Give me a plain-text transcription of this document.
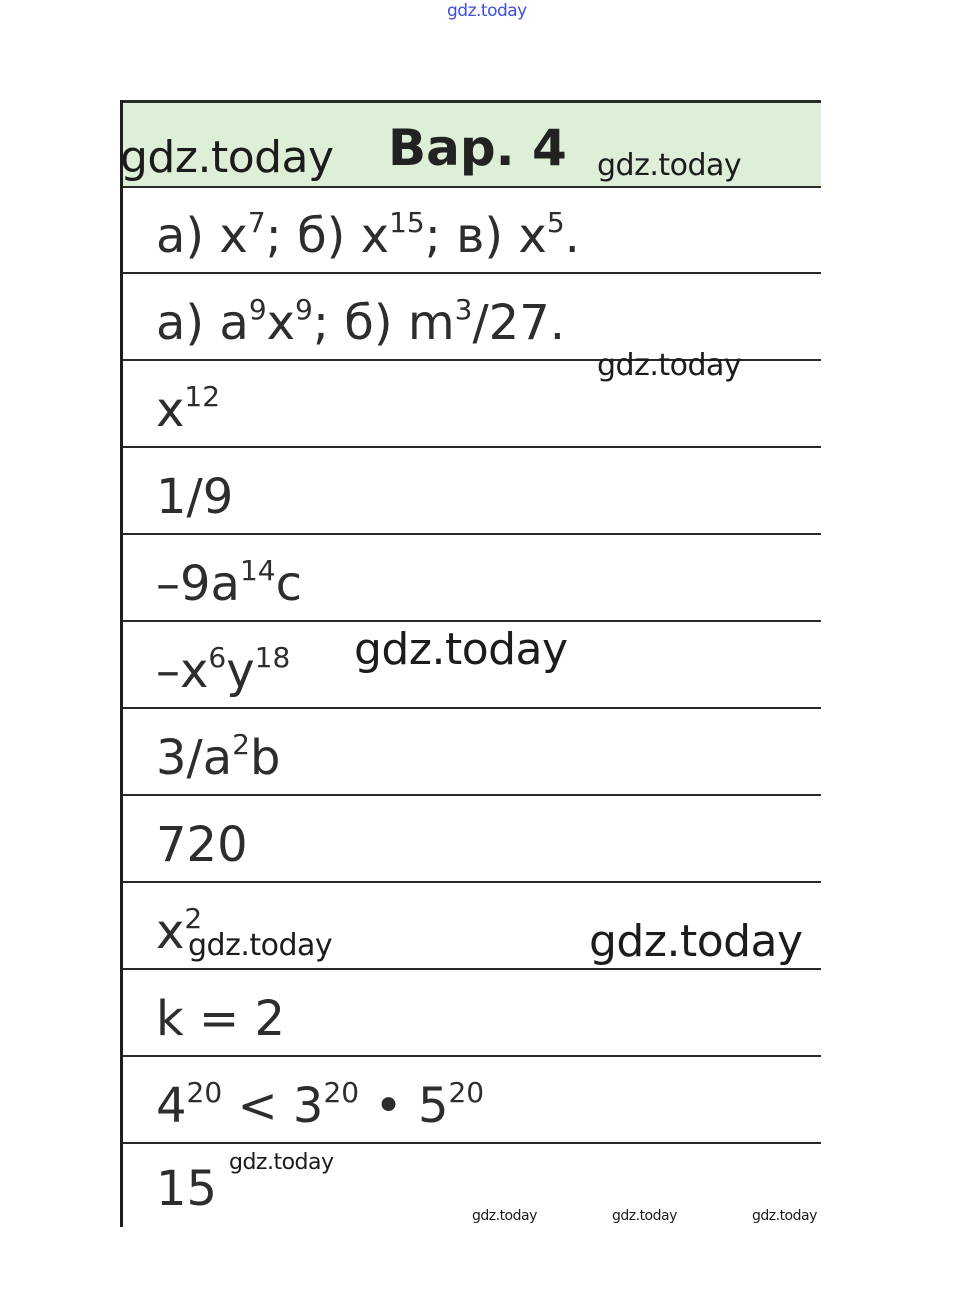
gdz.today
Вар. 4
а) $x^7$; б) $x^{15}$; в) $x^5$.
а) $a^9x^9$; б) $m^3/27$.
$x^{12}$
1/9
$-9a^{14}c$
$-x^6y^{18}$
$3/a^2b$
720
$x^2$
k = 2
$4^{20} < 3^{20}$ • $5^{20}$
15
gdz.today	gdz.today
gdz.today
gdz.today
gdz.today	gdz.today
gdz.today
gdz.today	gdz.today	gdz.today
